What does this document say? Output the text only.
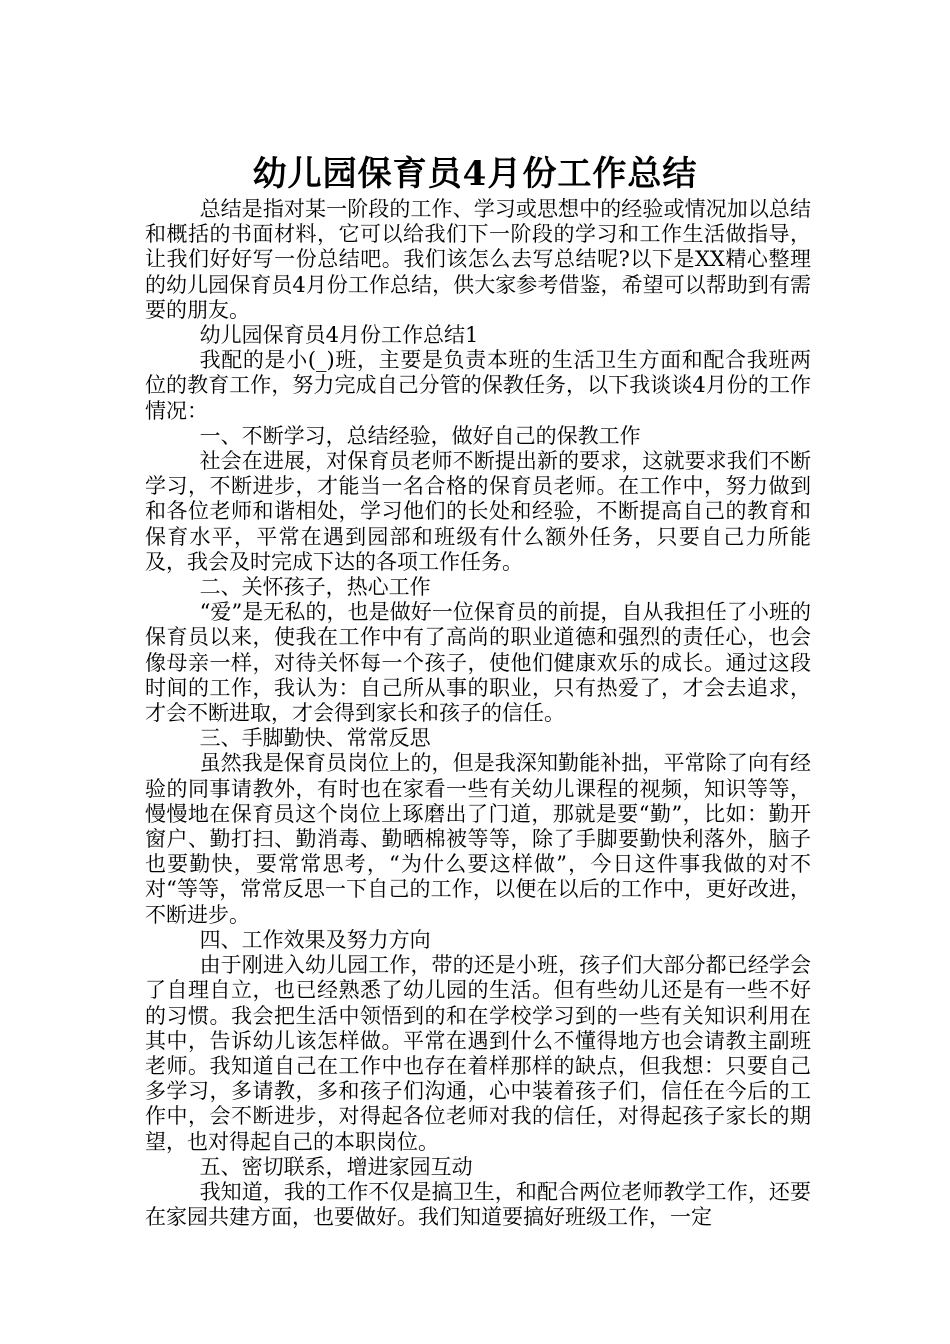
幼儿园保育员4月份工作总结

总结是指对某一阶段的工作、学习或思想中的经验或情况加以总结和概括的书面材料，它可以给我们下一阶段的学习和工作生活做指导，让我们好好写一份总结吧。我们该怎么去写总结呢?以下是XX精心整理的幼儿园保育员4月份工作总结，供大家参考借鉴，希望可以帮助到有需要的朋友。

幼儿园保育员4月份工作总结1

我配的是小(_)班，主要是负责本班的生活卫生方面和配合我班两位的教育工作，努力完成自己分管的保教任务，以下我谈谈4月份的工作情况：

一、不断学习，总结经验，做好自己的保教工作

社会在进展，对保育员老师不断提出新的要求，这就要求我们不断学习，不断进步，才能当一名合格的保育员老师。在工作中，努力做到和各位老师和谐相处，学习他们的长处和经验，不断提高自己的教育和保育水平，平常在遇到园部和班级有什么额外任务，只要自己力所能及，我会及时完成下达的各项工作任务。

二、关怀孩子，热心工作

“爱”是无私的，也是做好一位保育员的前提，自从我担任了小班的保育员以来，使我在工作中有了高尚的职业道德和强烈的责任心，也会像母亲一样，对待关怀每一个孩子，使他们健康欢乐的成长。通过这段时间的工作，我认为：自己所从事的职业，只有热爱了，才会去追求，才会不断进取，才会得到家长和孩子的信任。

三、手脚勤快、常常反思

虽然我是保育员岗位上的，但是我深知勤能补拙，平常除了向有经验的同事请教外，有时也在家看一些有关幼儿课程的视频，知识等等，慢慢地在保育员这个岗位上琢磨出了门道，那就是要“勤”，比如：勤开窗户、勤打扫、勤消毒、勤晒棉被等等，除了手脚要勤快利落外，脑子也要勤快，要常常思考，“为什么要这样做”，今日这件事我做的对不对“等等，常常反思一下自己的工作，以便在以后的工作中，更好改进，不断进步。

四、工作效果及努力方向

由于刚进入幼儿园工作，带的还是小班，孩子们大部分都已经学会了自理自立，也已经熟悉了幼儿园的生活。但有些幼儿还是有一些不好的习惯。我会把生活中领悟到的和在学校学习到的一些有关知识利用在其中，告诉幼儿该怎样做。平常在遇到什么不懂得地方也会请教主副班老师。我知道自己在工作中也存在着样那样的缺点，但我想：只要自己多学习，多请教，多和孩子们沟通，心中装着孩子们，信任在今后的工作中，会不断进步，对得起各位老师对我的信任，对得起孩子家长的期望，也对得起自己的本职岗位。

五、密切联系，增进家园互动

我知道，我的工作不仅是搞卫生，和配合两位老师教学工作，还要在家园共建方面，也要做好。我们知道要搞好班级工作，一定
